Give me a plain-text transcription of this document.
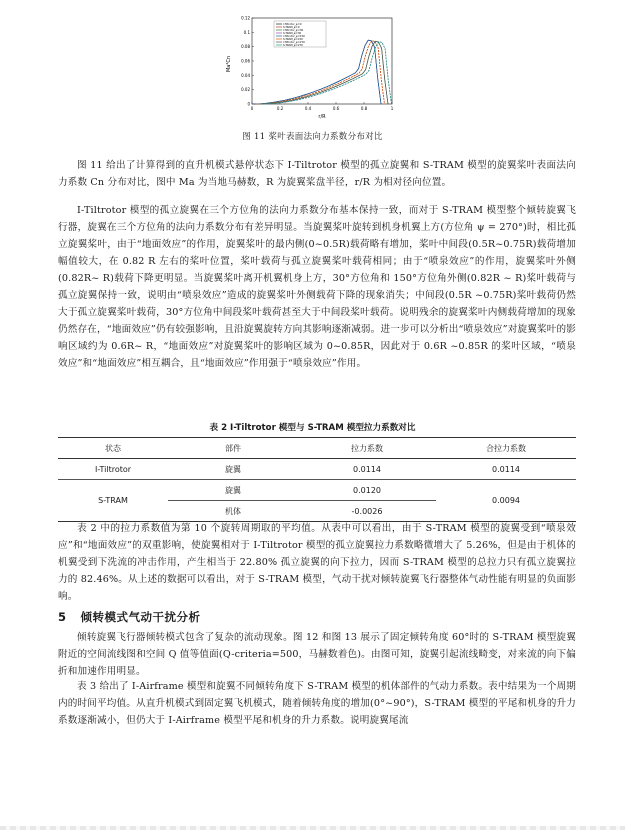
0.12
0.1
0.08
0.06
0.04
0.02
0
0	0.2	0.4	0.6	0.8	1
Ma²Cn
r/R
I-Tiltrotor_ψ=0
S-TRAM_ψ=0
I-Tiltrotor_ψ=30
S-TRAM_ψ=30
I-Tiltrotor_ψ=150
S-TRAM_ψ=150
I-Tiltrotor_ψ=270
S-TRAM_ψ=270
图 11 桨叶表面法向力系数分布对比

图 11 给出了计算得到的直升机模式悬停状态下 I-Tiltrotor 模型的孤立旋翼和 S-TRAM 模型的旋翼桨叶表面法向力系数 Cn 分布对比，图中 Ma 为当地马赫数，R 为旋翼桨盘半径，r/R 为相对径向位置。

I-Tiltrotor 模型的孤立旋翼在三个方位角的法向力系数分布基本保持一致，而对于 S-TRAM 模型整个倾转旋翼飞行器，旋翼在三个方位角的法向力系数分布有差异明显。当旋翼桨叶旋转到机身机翼上方(方位角 ψ = 270°)时，相比孤立旋翼桨叶，由于“地面效应”的作用，旋翼桨叶的最内侧(0~0.5R)载荷略有增加，桨叶中间段(0.5R~0.75R)载荷增加幅值较大，在 0.82 R 左右的桨叶位置，桨叶载荷与孤立旋翼桨叶载荷相同；由于“喷泉效应”的作用，旋翼桨叶外侧(0.82R~ R)载荷下降更明显。当旋翼桨叶离开机翼机身上方，30°方位角和 150°方位角外侧(0.82R ~ R)桨叶载荷与孤立旋翼保持一致，说明由“喷泉效应”造成的旋翼桨叶外侧载荷下降的现象消失；中间段(0.5R ~0.75R)桨叶载荷仍然大于孤立旋翼桨叶载荷，30°方位角中间段桨叶载荷甚至大于中间段桨叶载荷。说明残余的旋翼桨叶内侧载荷增加的现象仍然存在，“地面效应”仍有较强影响，且沿旋翼旋转方向其影响逐渐减弱。进一步可以分析出“喷泉效应”对旋翼桨叶的影响区域约为 0.6R~ R，“地面效应”对旋翼桨叶的影响区域为 0~0.85R，因此对于 0.6R ~0.85R 的桨叶区域，“喷泉效应”和“地面效应”相互耦合，且“地面效应”作用强于“喷泉效应”作用。

表 2 I-Tiltrotor 模型与 S-TRAM 模型拉力系数对比
状态	部件	拉力系数	合拉力系数
I-Tiltrotor	旋翼	0.0114	0.0114
S-TRAM	旋翼	0.0120	0.0094
	机体	-0.0026	

表 2 中的拉力系数值为第 10 个旋转周期取的平均值。从表中可以看出，由于 S-TRAM 模型的旋翼受到“喷泉效应”和“地面效应”的双重影响，使旋翼相对于 I-Tiltrotor 模型的孤立旋翼拉力系数略微增大了 5.26%，但是由于机体的机翼受到下洗流的冲击作用，产生相当于 22.80% 孤立旋翼的向下拉力，因而 S-TRAM 模型的总拉力只有孤立旋翼拉力的 82.46%。从上述的数据可以看出，对于 S-TRAM 模型，气动干扰对倾转旋翼飞行器整体气动性能有明显的负面影响。

5 倾转模式气动干扰分析

倾转旋翼飞行器倾转模式包含了复杂的流动现象。图 12 和图 13 展示了固定倾转角度 60°时的 S-TRAM 模型旋翼附近的空间流线图和空间 Q 值等值面(Q-criteria=500，马赫数着色)。由图可知，旋翼引起流线畸变，对来流的向下偏折和加速作用明显。

表 3 给出了 I-Airframe 模型和旋翼不同倾转角度下 S-TRAM 模型的机体部件的气动力系数。表中结果为一个周期内的时间平均值。从直升机模式到固定翼飞机模式，随着倾转角度的增加(0°~90°)，S-TRAM 模型的平尾和机身的升力系数逐渐减小，但仍大于 I-Airframe 模型平尾和机身的升力系数。说明旋翼尾流
